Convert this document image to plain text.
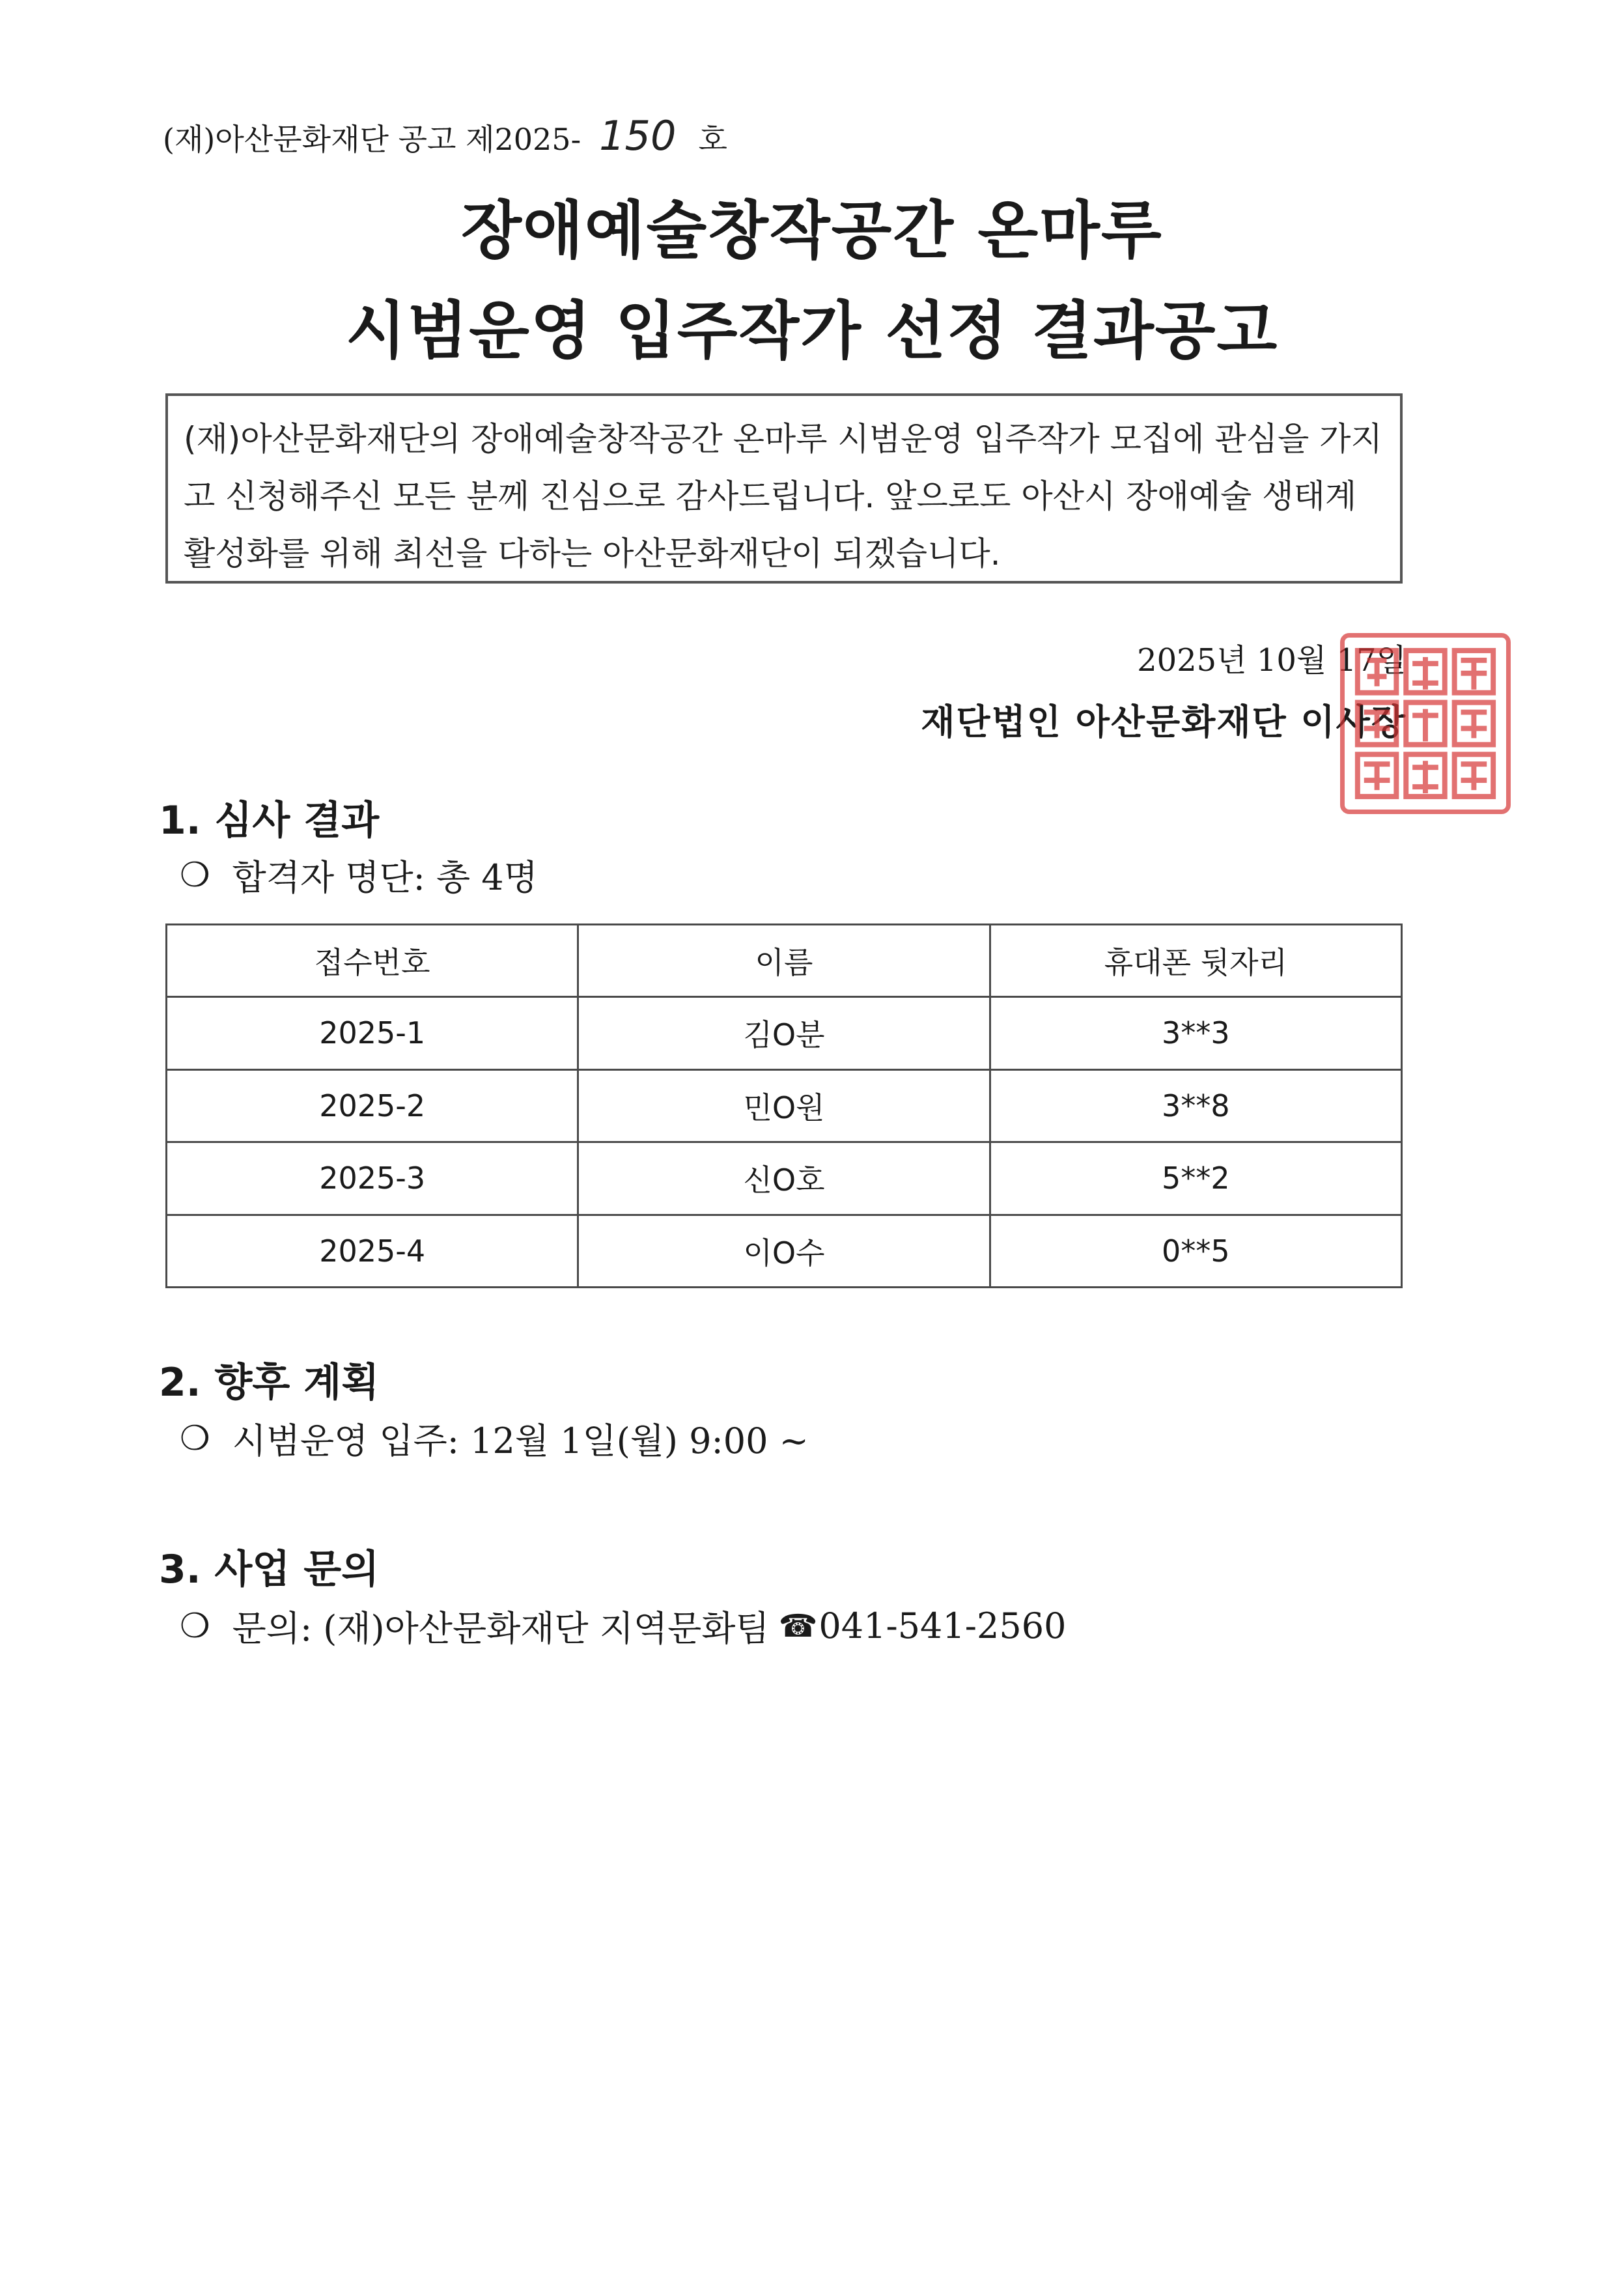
(재)아산문화재단 공고 제2025- 150 호
장애예술창작공간 온마루
시범운영 입주작가 선정 결과공고
(재)아산문화재단의 장애예술창작공간 온마루 시범운영 입주작가 모집에 관심을 가지고 신청해주신 모든 분께 진심으로 감사드립니다. 앞으로도 아산시 장애예술 생태계 활성화를 위해 최선을 다하는 아산문화재단이 되겠습니다.
2025년 10월 17일
재단법인 아산문화재단 이사장
1. 심사 결과
❍ 합격자 명단: 총 4명
접수번호	이름	휴대폰 뒷자리
2025-1	김O분	3**3
2025-2	민O원	3**8
2025-3	신O호	5**2
2025-4	이O수	0**5
2. 향후 계획
❍ 시범운영 입주: 12월 1일(월) 9:00 ~
3. 사업 문의
❍ 문의: (재)아산문화재단 지역문화팀 ☎ 041-541-2560
